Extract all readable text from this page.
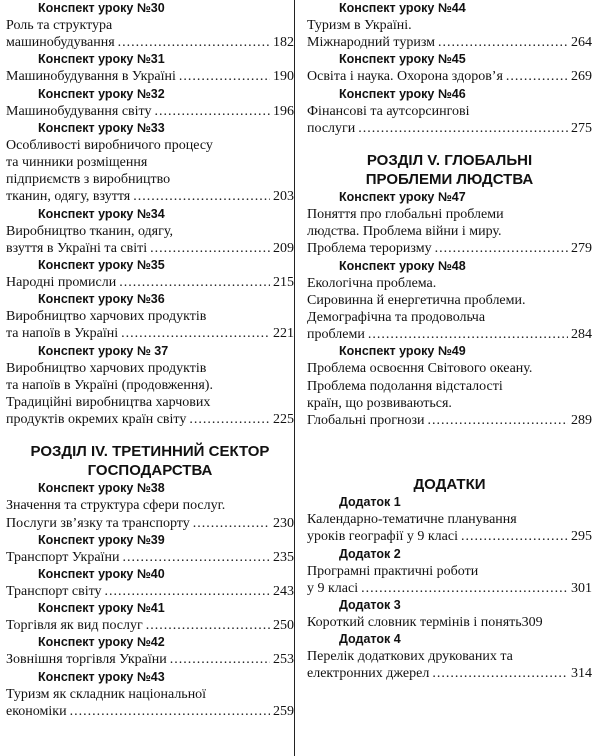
Конспект уроку №30
Роль та структура
машинобудування .....	182
Конспект уроку №31
Машинобудування в Україні .....	190
Конспект уроку №32
Машинобудування світу .....	196
Конспект уроку №33
Особливості виробничого процесу
та чинники розміщення
підприємств з виробництво
тканин, одягу, взуття .....	203
Конспект уроку №34
Виробництво тканин, одягу,
взуття в Україні та світі .....	209
Конспект уроку №35
Народні промисли .....	215
Конспект уроку №36
Виробництво харчових продуктів
та напоїв в Україні .....	221
Конспект уроку № 37
Виробництво харчових продуктів
та напоїв в Україні (продовження).
Традиційні виробництва харчових
продуктів окремих країн світу .....	225
РОЗДІЛ IV. ТРЕТИННИЙ СЕКТОР
ГОСПОДАРСТВА
Конспект уроку №38
Значення та структура сфери послуг.
Послуги зв’язку та транспорту .....	230
Конспект уроку №39
Транспорт України .....	235
Конспект уроку №40
Транспорт світу .....	243
Конспект уроку №41
Торгівля як вид послуг .....	250
Конспект уроку №42
Зовнішня торгівля України .....	253
Конспект уроку №43
Туризм як складник національної
економіки .....	259
Конспект уроку №44
Туризм в Україні.
Міжнародний туризм .....	264
Конспект уроку №45
Освіта і наука. Охорона здоров’я .....	269
Конспект уроку №46
Фінансові та аутсорсингові
послуги .....	275
РОЗДІЛ V. ГЛОБАЛЬНІ
ПРОБЛЕМИ ЛЮДСТВА
Конспект уроку №47
Поняття про глобальні проблеми
людства. Проблема війни і миру.
Проблема тероризму .....	279
Конспект уроку №48
Екологічна проблема.
Сировинна й енергетична проблеми.
Демографічна та продовольча
проблеми .....	284
Конспект уроку №49
Проблема освоєння Світового океану.
Проблема подолання відсталості
країн, що розвиваються.
Глобальні прогнози .....	289
ДОДАТКИ
Додаток 1
Календарно-тематичне планування
уроків географії у 9 класі .....	295
Додаток 2
Програмні практичні роботи
у 9 класі .....	301
Додаток 3
Короткий словник термінів і понять 309
Додаток 4
Перелік додаткових друкованих та
електронних джерел .....	314
